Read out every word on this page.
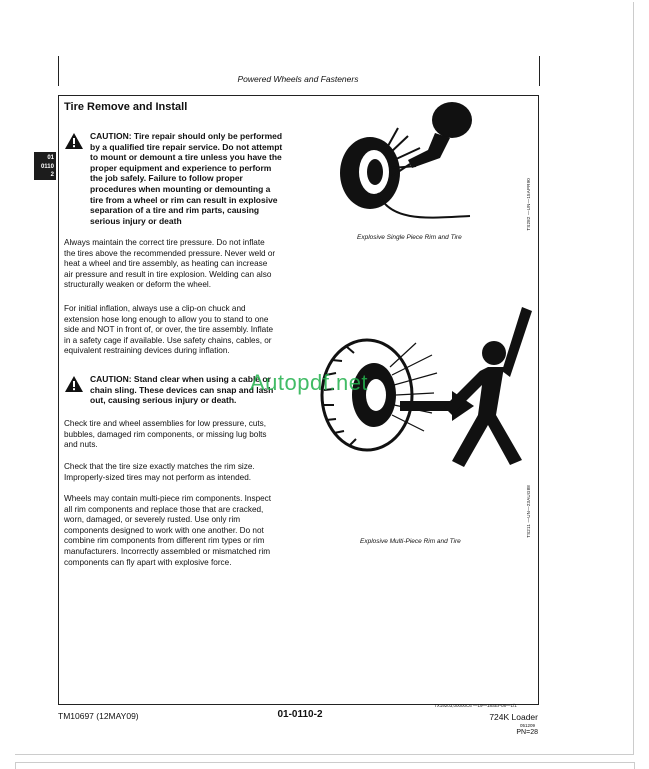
Powered Wheels and Fasteners
01
0110
2
Tire Remove and Install
CAUTION: Tire repair should only be performed
by a qualified tire repair service. Do not attempt
to mount or demount a tire unless you have the
proper equipment and experience to perform
the job safely. Failure to follow proper
procedures when mounting or demounting a
tire from a wheel or rim can result in explosive
separation of a tire and rim parts, causing
serious injury or death
Always maintain the correct tire pressure. Do not inflate
the tires above the recommended pressure. Never weld or
heat a wheel and tire assembly, as heating can increase
air pressure and result in tire explosion. Welding can also
structurally weaken or deform the wheel.
For initial inflation, always use a clip-on chuck and
extension hose long enough to allow you to stand to one
side and NOT in front of, or over, the tire assembly. Inflate
in a safety cage if available. Use safety chains, cables, or
equivalent restraining devices during inflation.
CAUTION: Stand clear when using a cable or
chain sling. These devices can snap and lash
out, causing serious injury or death.
Check tire and wheel assemblies for low pressure, cuts,
bubbles, damaged rim components, or missing lug bolts
and nuts.
Check that the tire size exactly matches the rim size.
Improperly-sized tires may not perform as intended.
Wheels may contain multi-piece rim components. Inspect
all rim components and replace those that are cracked,
worn, damaged, or severely rusted. Use only rim
components designed to work with one another. Do not
combine rim components from different rim types or rim
manufacturers. Incorrectly assembled or mismatched rim
components can fly apart with explosive force.
Explosive Single Piece Rim and Tire
TS282 —UN—15APR90
Explosive Multi-Piece Rim and Tire
TS211 —UN—23AUG88
Autopdf.net
TX19203,00000C6 —19—18SEP08—1/1
TM10697 (12MAY09)	01-0110-2	724K Loader
051209
PN=28
